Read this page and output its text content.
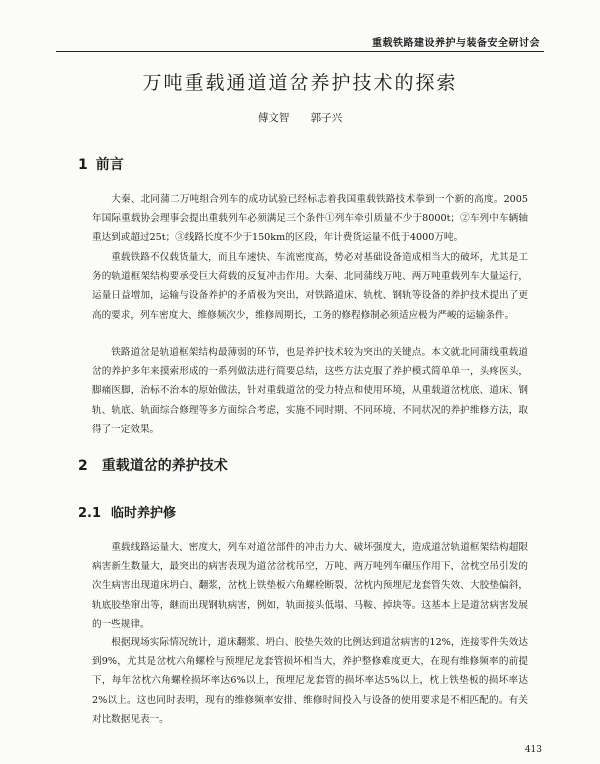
重载铁路建设养护与装备安全研讨会
万吨重载通道道岔养护技术的探索
傅文智 郭子兴
1 前言

大秦、北同蒲二万吨组合列车的成功试验已经标志着我国重载铁路技术拳到一个新的高度。2005年国际重载协会理事会提出重载列车必须满足三个条件①列车牵引质量不少于8000t；②车列中车辆轴重达到或超过25t；③线路长度不少于150km的区段，年计费货运量不低于4000万吨。

重载铁路不仅载货量大，而且车速快、车流密度高，势必对基础设备造成相当大的破坏，尤其是工务的轨道框架结构要承受巨大荷载的反复冲击作用。大秦、北同蒲线万吨、两万吨重载列车大量运行，运量日益增加，运输与设备养护的矛盾极为突出，对铁路道床、轨枕、钢轨等设备的养护技术提出了更高的要求，列车密度大、维修频次少，维修周期长，工务的修程修制必须适应极为严峻的运输条件。

铁路道岔是轨道框架结构最薄弱的环节，也是养护技术较为突出的关键点。本文就北同蒲线重载道岔的养护多年来摸索形成的一系列做法进行简要总结，这些方法克服了养护模式简单单一，头疼医头，脚痛医脚，治标不治本的原始做法，针对重载道岔的受力特点和使用环境，从重载道岔枕底、道床、钢轨、轨底、轨面综合修理等多方面综合考虑，实施不同时期、不同环境、不同状况的养护维修方法，取得了一定效果。

2 重载道岔的养护技术
2.1 临时养护修

重载线路运量大、密度大，列车对道岔部件的冲击力大、破坏强度大，造成道岔轨道框架结构超限病害新生数量大，最突出的病害表现为道岔岔枕吊空，万吨、两万吨列车碾压作用下，岔枕空吊引发的次生病害出现道床坍白、翻浆，岔枕上铁垫板六角螺栓断裂、岔枕内预埋尼龙套管失效、大胶垫偏斜，轨底胶垫窜出等，継而出现钢轨病害，例如，轨面接头低塌、马鞍、掉块等。这基本上是道岔病害发展的一些规律。

根据现场实际情况统计，道床翻浆、坍白、胶垫失效的比例达到道岔病害的12%，连接零件失效达到9%，尤其是岔枕六角螺栓与预埋尼龙套管损坏相当大，养护整修难度更大，在现有维修频率的前提下，每年岔枕六角螺栓损坏率达6%以上，预埋尼龙套管的损坏率达5%以上，枕上铁垫板的损坏率达2%以上。这也同时表明，现有的维修频率安排、维修时间投入与设备的使用要求是不相匹配的。有关对比数据见表一。

413
